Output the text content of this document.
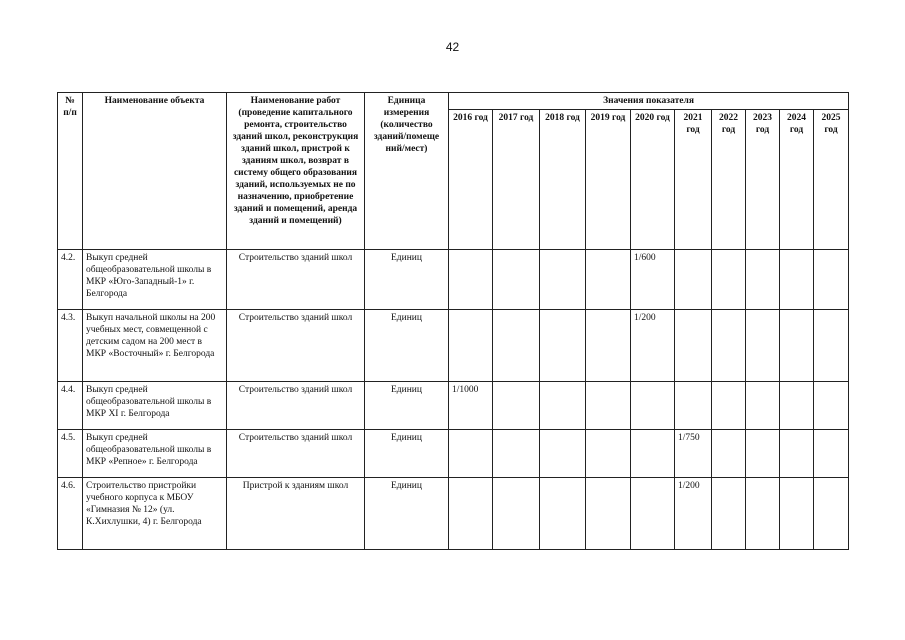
42
№ п/п	Наименование объекта	Наименование работ (проведение капитального ремонта, строительство зданий школ, реконструкция зданий школ, пристрой к зданиям школ, возврат в систему общего образования зданий, используемых не по назначению, приобретение зданий и помещений, аренда зданий и помещений)	Единица измерения (количество зданий/помеще ний/мест)	Значения показателя									
				2016 год	2017 год	2018 год	2019 год	2020 год	2021 год	2022 год	2023 год	2024 год	2025 год
4.2.	Выкуп средней общеобразовательной школы в МКР «Юго-Западный-1» г. Белгорода	Строительство зданий школ	Единиц					1/600					
4.3.	Выкуп начальной школы на 200 учебных мест, совмещенной с детским садом на 200 мест в МКР «Восточный» г. Белгорода	Строительство зданий школ	Единиц					1/200					
4.4.	Выкуп средней общеобразовательной школы в МКР XI г. Белгорода	Строительство зданий школ	Единиц	1/1000									
4.5.	Выкуп средней общеобразовательной школы в МКР «Репное» г. Белгорода	Строительство зданий школ	Единиц						1/750				
4.6.	Строительство пристройки учебного корпуса к МБОУ «Гимназия № 12» (ул. К.Хихлушки, 4) г. Белгорода	Пристрой к зданиям школ	Единиц						1/200				
